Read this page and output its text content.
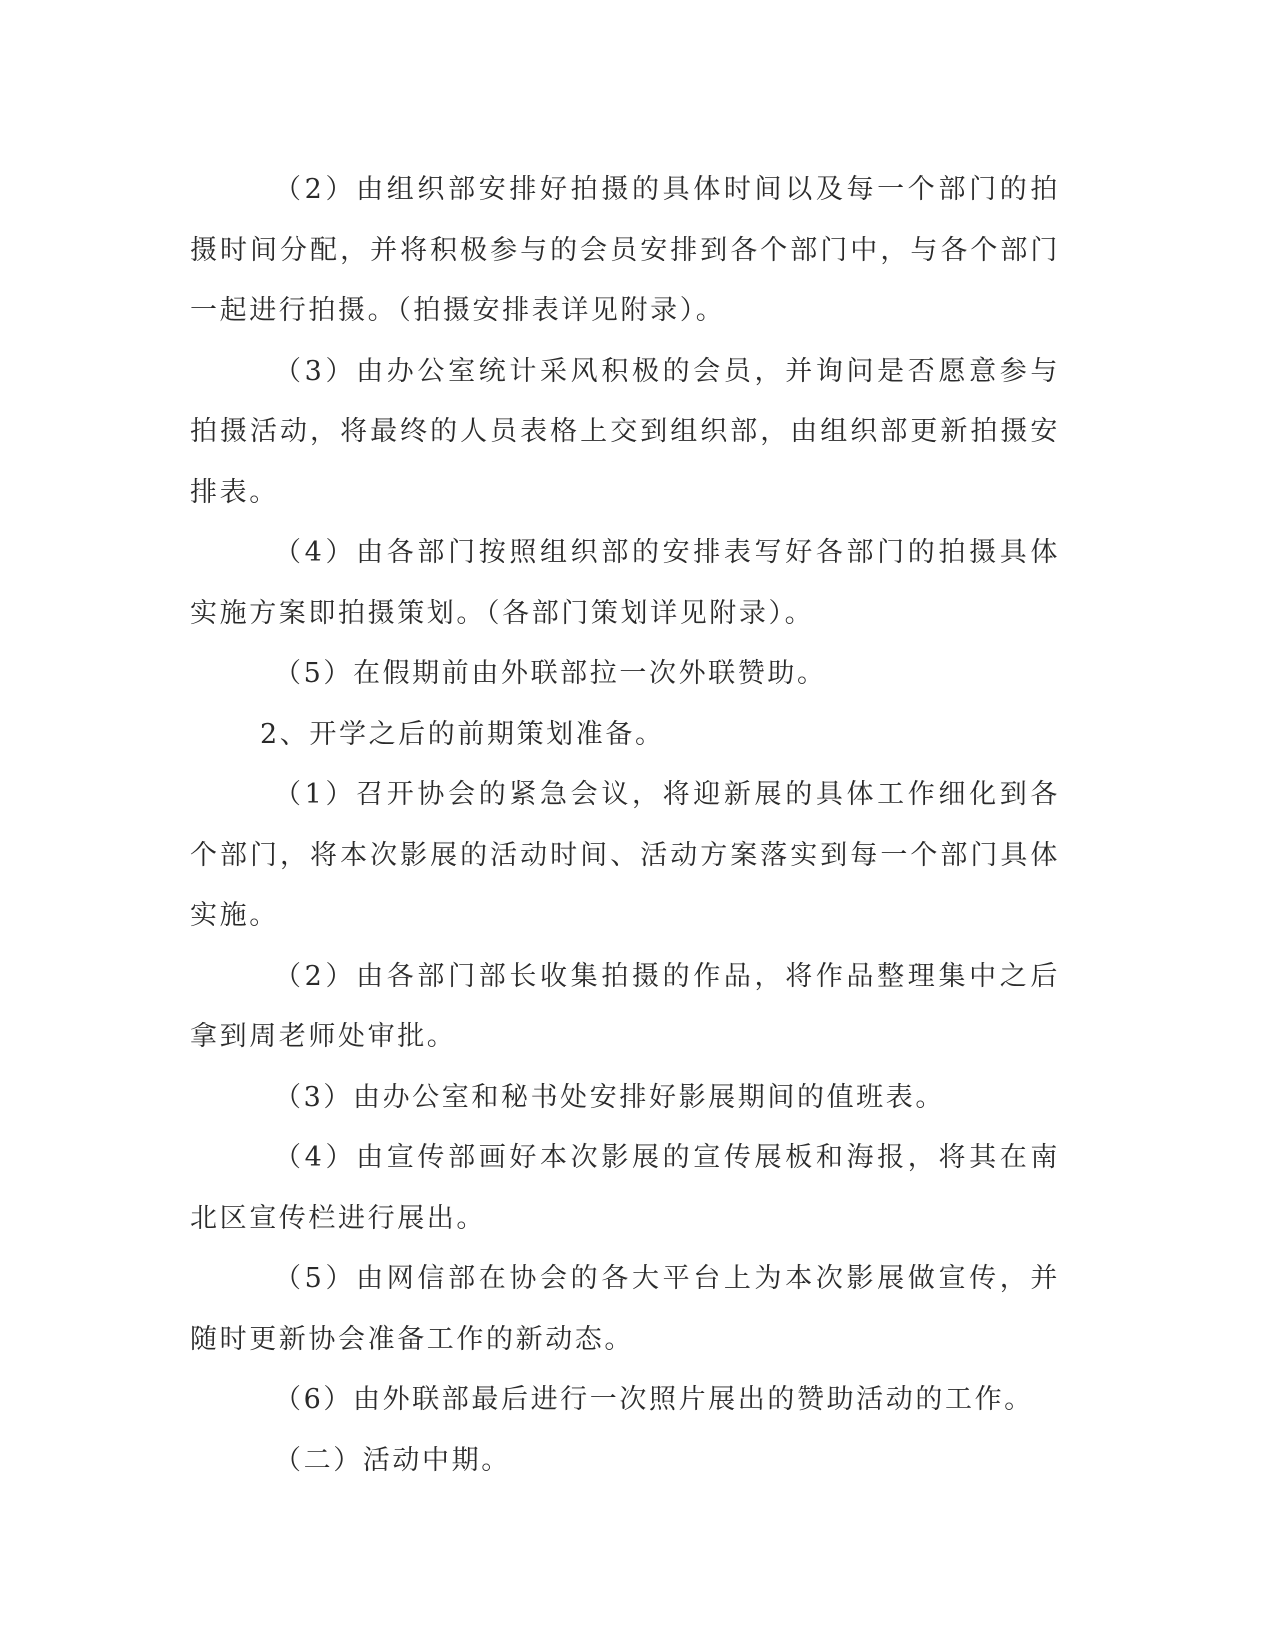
（2）由组织部安排好拍摄的具体时间以及每一个部门的拍摄时间分配，并将积极参与的会员安排到各个部门中，与各个部门一起进行拍摄。（拍摄安排表详见附录）。

（3）由办公室统计采风积极的会员，并询问是否愿意参与拍摄活动，将最终的人员表格上交到组织部，由组织部更新拍摄安排表。

（4）由各部门按照组织部的安排表写好各部门的拍摄具体实施方案即拍摄策划。（各部门策划详见附录）。

（5）在假期前由外联部拉一次外联赞助。

2、开学之后的前期策划准备。

（1）召开协会的紧急会议，将迎新展的具体工作细化到各个部门，将本次影展的活动时间、活动方案落实到每一个部门具体实施。

（2）由各部门部长收集拍摄的作品，将作品整理集中之后拿到周老师处审批。

（3）由办公室和秘书处安排好影展期间的值班表。

（4）由宣传部画好本次影展的宣传展板和海报，将其在南北区宣传栏进行展出。

（5）由网信部在协会的各大平台上为本次影展做宣传，并随时更新协会准备工作的新动态。

（6）由外联部最后进行一次照片展出的赞助活动的工作。

（二）活动中期。
